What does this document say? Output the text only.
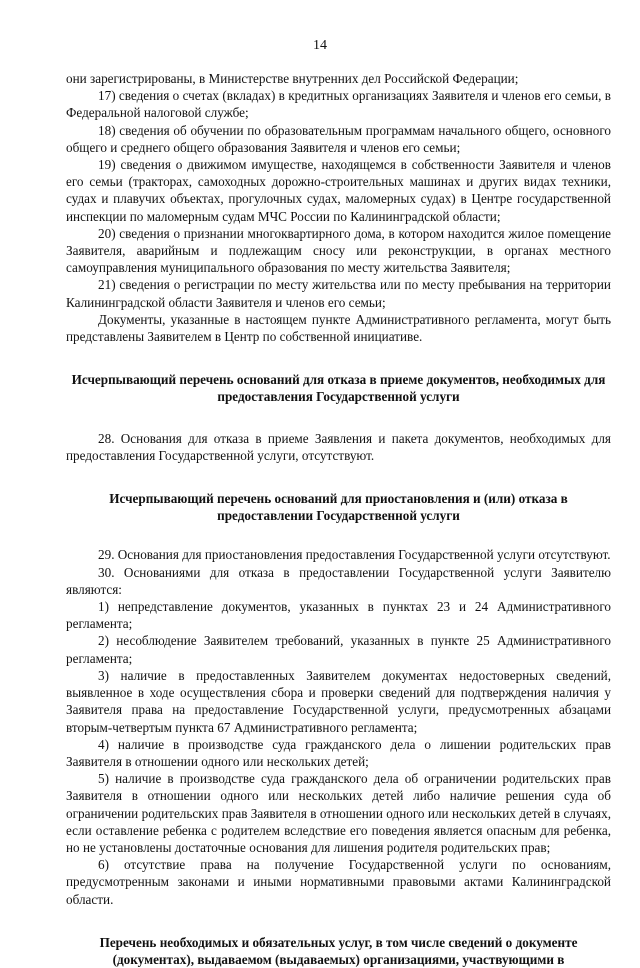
14

они зарегистрированы, в Министерстве внутренних дел Российской Федерации;

17) сведения о счетах (вкладах) в кредитных организациях Заявителя и членов его семьи, в Федеральной налоговой службе;

18) сведения об обучении по образовательным программам начального общего, основного общего и среднего общего образования Заявителя и членов его семьи;

19) сведения о движимом имуществе, находящемся в собственности Заявителя и членов его семьи (тракторах, самоходных дорожно-строительных машинах и других видах техники, судах и плавучих объектах, прогулочных судах, маломерных судах) в Центре государственной инспекции по маломерным судам МЧС России по Калининградской области;

20) сведения о признании многоквартирного дома, в котором находится жилое помещение Заявителя, аварийным и подлежащим сносу или реконструкции, в органах местного самоуправления муниципального образования по месту жительства Заявителя;

21) сведения о регистрации по месту жительства или по месту пребывания на территории Калининградской области Заявителя и членов его семьи;

Документы, указанные в настоящем пункте Административного регламента, могут быть представлены Заявителем в Центр по собственной инициативе.

Исчерпывающий перечень оснований для отказа в приеме документов, необходимых для предоставления Государственной услуги

28. Основания для отказа в приеме Заявления и пакета документов, необходимых для предоставления Государственной услуги, отсутствуют.

Исчерпывающий перечень оснований для приостановления и (или) отказа в предоставлении Государственной услуги

29. Основания для приостановления предоставления Государственной услуги отсутствуют.

30. Основаниями для отказа в предоставлении Государственной услуги Заявителю являются:

1) непредставление документов, указанных в пунктах 23 и 24 Административного регламента;

2) несоблюдение Заявителем требований, указанных в пункте 25 Административного регламента;

3) наличие в предоставленных Заявителем документах недостоверных сведений, выявленное в ходе осуществления сбора и проверки сведений для подтверждения наличия у Заявителя права на предоставление Государственной услуги, предусмотренных абзацами вторым-четвертым пункта 67 Административного регламента;

4) наличие в производстве суда гражданского дела о лишении родительских прав Заявителя в отношении одного или нескольких детей;

5) наличие в производстве суда гражданского дела об ограничении родительских прав Заявителя в отношении одного или нескольких детей либо наличие решения суда об ограничении родительских прав Заявителя в отношении одного или нескольких детей в случаях, если оставление ребенка с родителем вследствие его поведения является опасным для ребенка, но не установлены достаточные основания для лишения родителя родительских прав;

6) отсутствие права на получение Государственной услуги по основаниям, предусмотренным законами и иными нормативными правовыми актами Калининградской области.

Перечень необходимых и обязательных услуг, в том числе сведений о документе (документах), выдаваемом (выдаваемых) организациями, участвующими в
